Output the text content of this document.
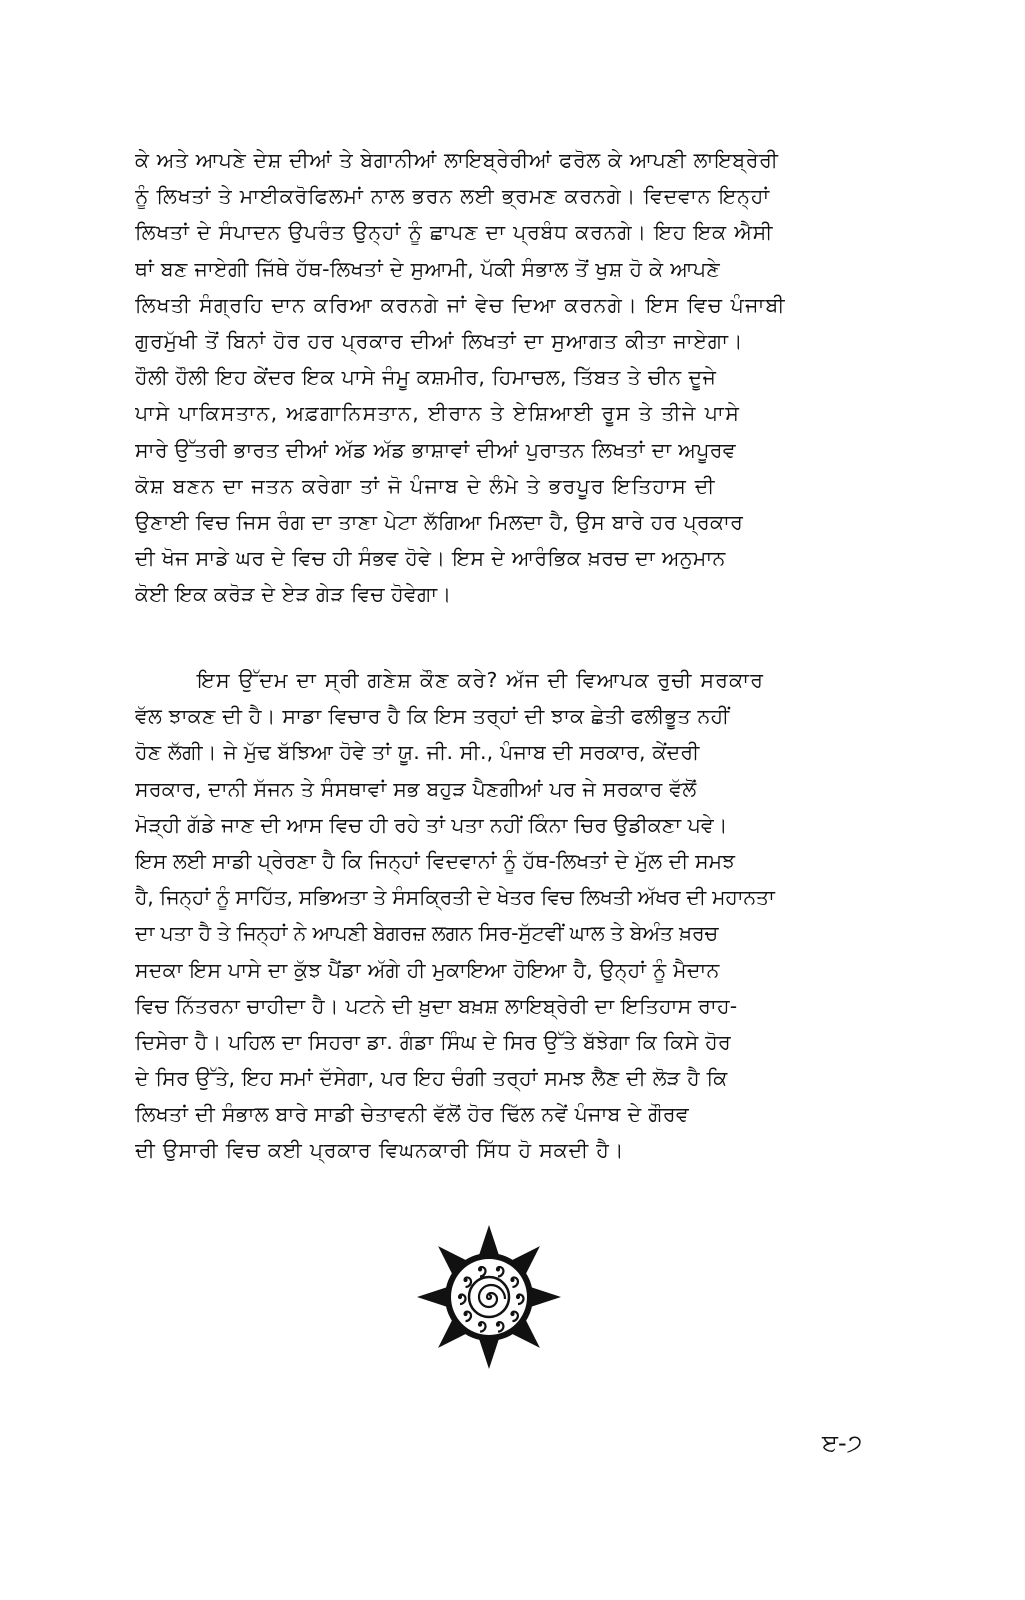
ਕੇ ਅਤੇ ਆਪਣੇ ਦੇਸ਼ ਦੀਆਂ ਤੇ ਬੇਗਾਨੀਆਂ ਲਾਇਬ੍ਰੇਰੀਆਂ ਫਰੋਲ ਕੇ ਆਪਣੀ ਲਾਇਬ੍ਰੇਰੀ
ਨੂੰ ਲਿਖਤਾਂ ਤੇ ਮਾਈਕਰੋਫਿਲਮਾਂ ਨਾਲ ਭਰਨ ਲਈ ਭ੍ਰਮਣ ਕਰਨਗੇ। ਵਿਦਵਾਨ ਇਨ੍ਹਾਂ
ਲਿਖਤਾਂ ਦੇ ਸੰਪਾਦਨ ਉਪਰੰਤ ਉਨ੍ਹਾਂ ਨੂੰ ਛਾਪਣ ਦਾ ਪ੍ਰਬੰਧ ਕਰਨਗੇ। ਇਹ ਇਕ ਐਸੀ
ਥਾਂ ਬਣ ਜਾਏਗੀ ਜਿੱਥੇ ਹੱਥ-ਲਿਖਤਾਂ ਦੇ ਸੁਆਮੀ, ਪੱਕੀ ਸੰਭਾਲ ਤੋਂ ਖੁਸ਼ ਹੋ ਕੇ ਆਪਣੇ
ਲਿਖਤੀ ਸੰਗ੍ਰਹਿ ਦਾਨ ਕਰਿਆ ਕਰਨਗੇ ਜਾਂ ਵੇਚ ਦਿਆ ਕਰਨਗੇ। ਇਸ ਵਿਚ ਪੰਜਾਬੀ
ਗੁਰਮੁੱਖੀ ਤੋਂ ਬਿਨਾਂ ਹੋਰ ਹਰ ਪ੍ਰਕਾਰ ਦੀਆਂ ਲਿਖਤਾਂ ਦਾ ਸੁਆਗਤ ਕੀਤਾ ਜਾਏਗਾ।
ਹੌਲੀ ਹੌਲੀ ਇਹ ਕੇਂਦਰ ਇਕ ਪਾਸੇ ਜੰਮੂ ਕਸ਼ਮੀਰ, ਹਿਮਾਚਲ, ਤਿੱਬਤ ਤੇ ਚੀਨ ਦੂਜੇ
ਪਾਸੇ ਪਾਕਿਸਤਾਨ, ਅਫ਼ਗਾਨਿਸਤਾਨ, ਈਰਾਨ ਤੇ ਏਸ਼ਿਆਈ ਰੂਸ ਤੇ ਤੀਜੇ ਪਾਸੇ
ਸਾਰੇ ਉੱਤਰੀ ਭਾਰਤ ਦੀਆਂ ਅੱਡ ਅੱਡ ਭਾਸ਼ਾਵਾਂ ਦੀਆਂ ਪੁਰਾਤਨ ਲਿਖਤਾਂ ਦਾ ਅਪੂਰਵ
ਕੋਸ਼ ਬਣਨ ਦਾ ਜਤਨ ਕਰੇਗਾ ਤਾਂ ਜੋ ਪੰਜਾਬ ਦੇ ਲੰਮੇ ਤੇ ਭਰਪੂਰ ਇਤਿਹਾਸ ਦੀ
ਉਣਾਈ ਵਿਚ ਜਿਸ ਰੰਗ ਦਾ ਤਾਣਾ ਪੇਟਾ ਲੱਗਿਆ ਮਿਲਦਾ ਹੈ, ਉਸ ਬਾਰੇ ਹਰ ਪ੍ਰਕਾਰ
ਦੀ ਖੋਜ ਸਾਡੇ ਘਰ ਦੇ ਵਿਚ ਹੀ ਸੰਭਵ ਹੋਵੇ। ਇਸ ਦੇ ਆਰੰਭਿਕ ਖ਼ਰਚ ਦਾ ਅਨੁਮਾਨ
ਕੋਈ ਇਕ ਕਰੋੜ ਦੇ ਏੜ ਗੇੜ ਵਿਚ ਹੋਵੇਗਾ।
ਇਸ ਉੱਦਮ ਦਾ ਸ੍ਰੀ ਗਣੇਸ਼ ਕੌਣ ਕਰੇ? ਅੱਜ ਦੀ ਵਿਆਪਕ ਰੁਚੀ ਸਰਕਾਰ
ਵੱਲ ਝਾਕਣ ਦੀ ਹੈ। ਸਾਡਾ ਵਿਚਾਰ ਹੈ ਕਿ ਇਸ ਤਰ੍ਹਾਂ ਦੀ ਝਾਕ ਛੇਤੀ ਫਲੀਭੂਤ ਨਹੀਂ
ਹੋਣ ਲੱਗੀ। ਜੇ ਮੁੱਢ ਬੱਝਿਆ ਹੋਵੇ ਤਾਂ ਯੂ. ਜੀ. ਸੀ., ਪੰਜਾਬ ਦੀ ਸਰਕਾਰ, ਕੇਂਦਰੀ
ਸਰਕਾਰ, ਦਾਨੀ ਸੱਜਨ ਤੇ ਸੰਸਥਾਵਾਂ ਸਭ ਬਹੁੜ ਪੈਣਗੀਆਂ ਪਰ ਜੇ ਸਰਕਾਰ ਵੱਲੋਂ
ਮੋੜ੍ਹੀ ਗੱਡੇ ਜਾਣ ਦੀ ਆਸ ਵਿਚ ਹੀ ਰਹੇ ਤਾਂ ਪਤਾ ਨਹੀਂ ਕਿੰਨਾ ਚਿਰ ਉਡੀਕਣਾ ਪਵੇ।
ਇਸ ਲਈ ਸਾਡੀ ਪ੍ਰੇਰਣਾ ਹੈ ਕਿ ਜਿਨ੍ਹਾਂ ਵਿਦਵਾਨਾਂ ਨੂੰ ਹੱਥ-ਲਿਖਤਾਂ ਦੇ ਮੁੱਲ ਦੀ ਸਮਝ
ਹੈ, ਜਿਨ੍ਹਾਂ ਨੂੰ ਸਾਹਿੱਤ, ਸਭਿਅਤਾ ਤੇ ਸੰਸਕ੍ਰਿਤੀ ਦੇ ਖੇਤਰ ਵਿਚ ਲਿਖਤੀ ਅੱਖਰ ਦੀ ਮਹਾਨਤਾ
ਦਾ ਪਤਾ ਹੈ ਤੇ ਜਿਨ੍ਹਾਂ ਨੇ ਆਪਣੀ ਬੇਗਰਜ਼ ਲਗਨ ਸਿਰ-ਸੁੱਟਵੀਂ ਘਾਲ ਤੇ ਬੇਅੰਤ ਖ਼ਰਚ
ਸਦਕਾ ਇਸ ਪਾਸੇ ਦਾ ਕੁੱਝ ਪੈਂਡਾ ਅੱਗੇ ਹੀ ਮੁਕਾਇਆ ਹੋਇਆ ਹੈ, ਉਨ੍ਹਾਂ ਨੂੰ ਮੈਦਾਨ
ਵਿਚ ਨਿੱਤਰਨਾ ਚਾਹੀਦਾ ਹੈ। ਪਟਨੇ ਦੀ ਖ਼ੁਦਾ ਬਖ਼ਸ਼ ਲਾਇਬ੍ਰੇਰੀ ਦਾ ਇਤਿਹਾਸ ਰਾਹ-
ਦਿਸੇਰਾ ਹੈ। ਪਹਿਲ ਦਾ ਸਿਹਰਾ ਡਾ. ਗੰਡਾ ਸਿੰਘ ਦੇ ਸਿਰ ਉੱਤੇ ਬੱਝੇਗਾ ਕਿ ਕਿਸੇ ਹੋਰ
ਦੇ ਸਿਰ ਉੱਤੇ, ਇਹ ਸਮਾਂ ਦੱਸੇਗਾ, ਪਰ ਇਹ ਚੰਗੀ ਤਰ੍ਹਾਂ ਸਮਝ ਲੈਣ ਦੀ ਲੋੜ ਹੈ ਕਿ
ਲਿਖਤਾਂ ਦੀ ਸੰਭਾਲ ਬਾਰੇ ਸਾਡੀ ਚੇਤਾਵਨੀ ਵੱਲੋਂ ਹੋਰ ਢਿੱਲ ਨਵੇਂ ਪੰਜਾਬ ਦੇ ਗੌਰਵ
ਦੀ ਉਸਾਰੀ ਵਿਚ ਕਈ ਪ੍ਰਕਾਰ ਵਿਘਨਕਾਰੀ ਸਿੱਧ ਹੋ ਸਕਦੀ ਹੈ।
ੲ-੭
